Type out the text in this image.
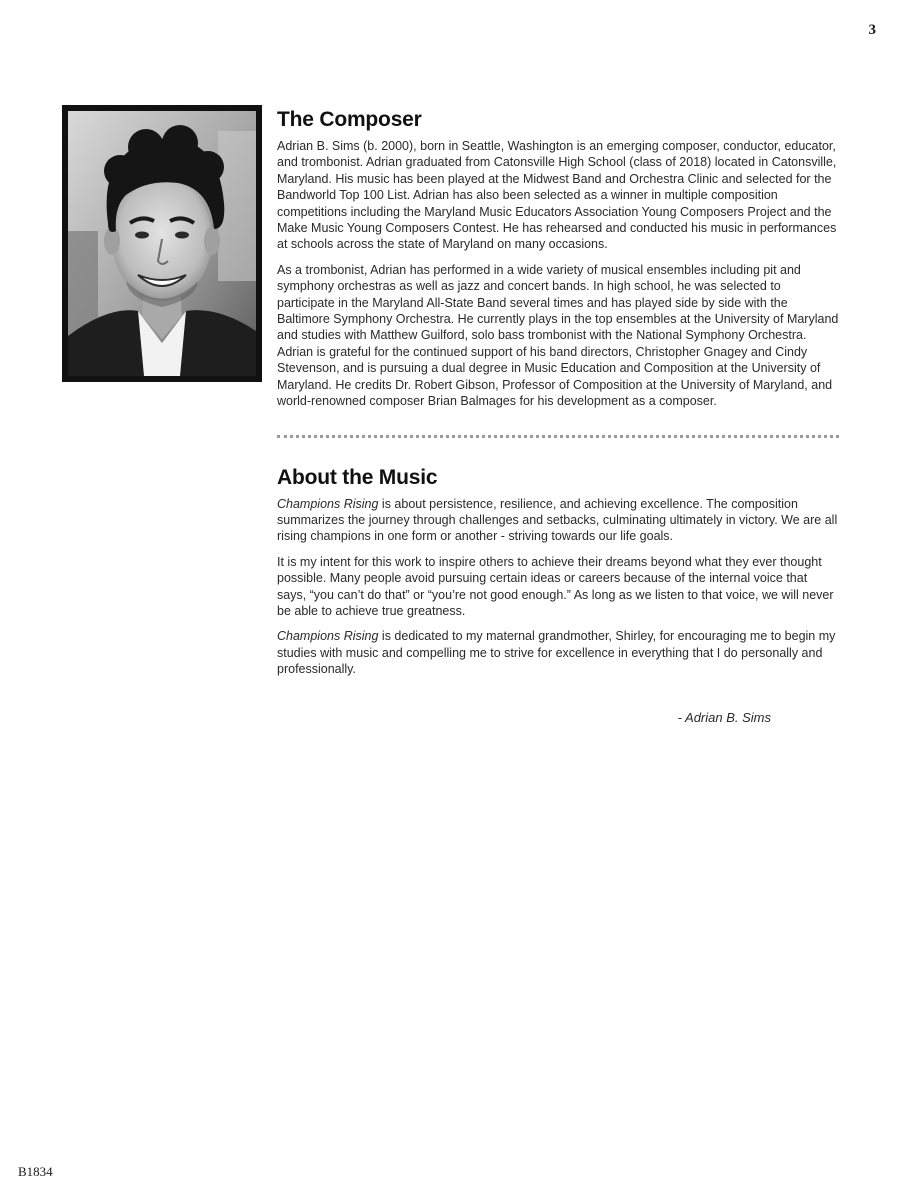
3
The Composer

Adrian B. Sims (b. 2000), born in Seattle, Washington is an emerging composer, conductor, educator, and trombonist. Adrian graduated from Catonsville High School (class of 2018) located in Catonsville, Maryland. His music has been played at the Midwest Band and Orchestra Clinic and selected for the Bandworld Top 100 List. Adrian has also been selected as a winner in multiple composition competitions including the Maryland Music Educators Association Young Composers Project and the Make Music Young Composers Contest. He has rehearsed and conducted his music in performances at schools across the state of Maryland on many occasions.

As a trombonist, Adrian has performed in a wide variety of musical ensembles including pit and symphony orchestras as well as jazz and concert bands. In high school, he was selected to participate in the Maryland All-State Band several times and has played side by side with the Baltimore Symphony Orchestra. He currently plays in the top ensembles at the University of Maryland and studies with Matthew Guilford, solo bass trombonist with the National Symphony Orchestra. Adrian is grateful for the continued support of his band directors, Christopher Gnagey and Cindy Stevenson, and is pursuing a dual degree in Music Education and Composition at the University of Maryland. He credits Dr. Robert Gibson, Professor of Composition at the University of Maryland, and world-renowned composer Brian Balmages for his development as a composer.

About the Music

Champions Rising is about persistence, resilience, and achieving excellence. The composition summarizes the journey through challenges and setbacks, culminating ultimately in victory. We are all rising champions in one form or another - striving towards our life goals.

It is my intent for this work to inspire others to achieve their dreams beyond what they ever thought possible. Many people avoid pursuing certain ideas or careers because of the internal voice that says, “you can’t do that” or “you’re not good enough.” As long as we listen to that voice, we will never be able to achieve true greatness.

Champions Rising is dedicated to my maternal grandmother, Shirley, for encouraging me to begin my studies with music and compelling me to strive for excellence in everything that I do personally and professionally.

- Adrian B. Sims
B1834
